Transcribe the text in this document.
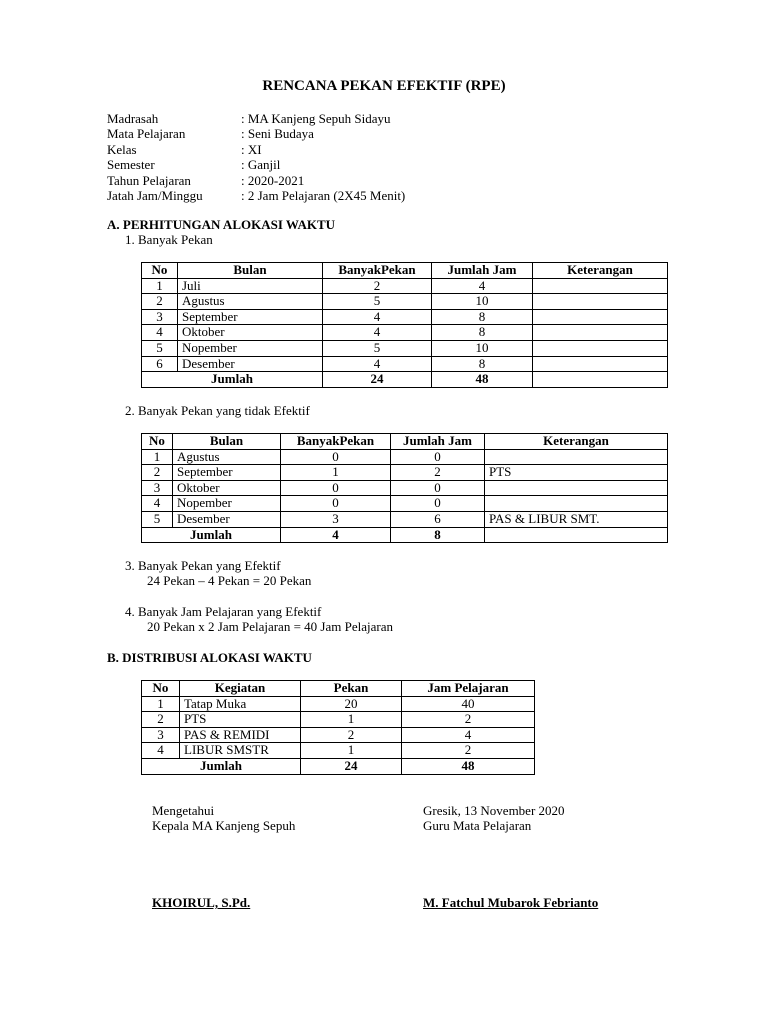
RENCANA PEKAN EFEKTIF (RPE)
Madrasah	: MA Kanjeng Sepuh Sidayu
Mata Pelajaran	: Seni Budaya
Kelas	: XI
Semester	: Ganjil
Tahun Pelajaran	: 2020-2021
Jatah Jam/Minggu	: 2 Jam Pelajaran (2X45 Menit)
A. PERHITUNGAN ALOKASI WAKTU
1. Banyak Pekan
No	Bulan	BanyakPekan	Jumlah Jam	Keterangan
1	Juli	2	4	
2	Agustus	5	10	
3	September	4	8	
4	Oktober	4	8	
5	Nopember	5	10	
6	Desember	4	8	
Jumlah		24	48	
2. Banyak Pekan yang tidak Efektif
No	Bulan	BanyakPekan	Jumlah Jam	Keterangan
1	Agustus	0	0	
2	September	1	2	PTS
3	Oktober	0	0	
4	Nopember	0	0	
5	Desember	3	6	PAS & LIBUR SMT.
Jumlah		4	8	
3. Banyak Pekan yang Efektif
24 Pekan – 4 Pekan = 20 Pekan
4. Banyak Jam Pelajaran yang Efektif
20 Pekan x 2 Jam Pelajaran = 40 Jam Pelajaran
B. DISTRIBUSI ALOKASI WAKTU
No	Kegiatan	Pekan	Jam Pelajaran
1	Tatap Muka	20	40
2	PTS	1	2
3	PAS & REMIDI	2	4
4	LIBUR SMSTR	1	2
Jumlah		24	48
Mengetahui
Kepala MA Kanjeng Sepuh
KHOIRUL, S.Pd.
Gresik, 13 November 2020
Guru Mata Pelajaran
M. Fatchul Mubarok Febrianto
